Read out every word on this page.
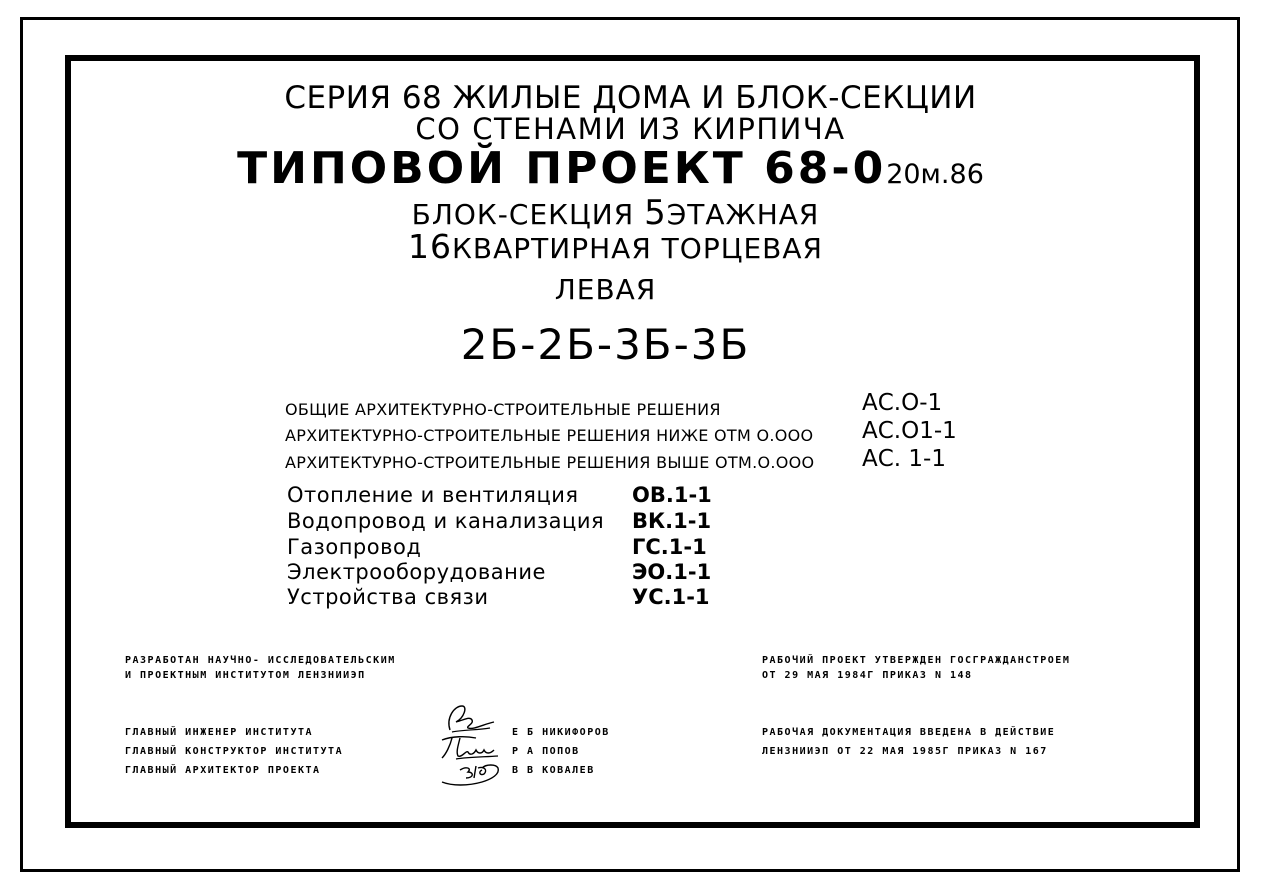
СЕРИЯ 68 ЖИЛЫЕ ДОМА И БЛОК-СЕКЦИИ
СО СТЕНАМИ ИЗ КИРПИЧА
ТИПОВОЙ ПРОЕКТ 68-020м.86
БЛОК-СЕКЦИЯ 5ЭТАЖНАЯ
16КВАРТИРНАЯ ТОРЦЕВАЯ
ЛЕВАЯ
2Б-2Б-3Б-3Б
ОБЩИЕ АРХИТЕКТУРНО-СТРОИТЕЛЬНЫЕ РЕШЕНИЯ	АС.О-1
АРХИТЕКТУРНО-СТРОИТЕЛЬНЫЕ РЕШЕНИЯ НИЖЕ ОТМ О.ООО АС.О1-1
АРХИТЕКТУРНО-СТРОИТЕЛЬНЫЕ РЕШЕНИЯ ВЫШЕ ОТМ.О.ООО АС. 1-1
Отопление и вентиляция	ОВ.1-1
Водопровод и канализация ВК.1-1
Газопровод	ГС.1-1
Электрооборудование	ЭО.1-1
Устройства связи	УС.1-1
РАЗРАБОТАН НАУЧНО- ИССЛЕДОВАТЕЛЬСКИМ
И ПРОЕКТНЫМ ИНСТИТУТОМ ЛЕНЗНИИЭП
РАБОЧИЙ ПРОЕКТ УТВЕРЖДЕН ГОСГРАЖДАНСТРОЕМ
ОТ 29 МАЯ 1984Г ПРИКАЗ N 148
ГЛАВНЫЙ ИНЖЕНЕР ИНСТИТУТА	Е Б НИКИФОРОВ
ГЛАВНЫЙ КОНСТРУКТОР ИНСТИТУТА	Р А ПОПОВ
ГЛАВНЫЙ АРХИТЕКТОР ПРОЕКТА	В В КОВАЛЕВ
РАБОЧАЯ ДОКУМЕНТАЦИЯ ВВЕДЕНА В ДЕЙСТВИЕ
ЛЕНЗНИИЭП ОТ 22 МАЯ 1985Г ПРИКАЗ N 167
